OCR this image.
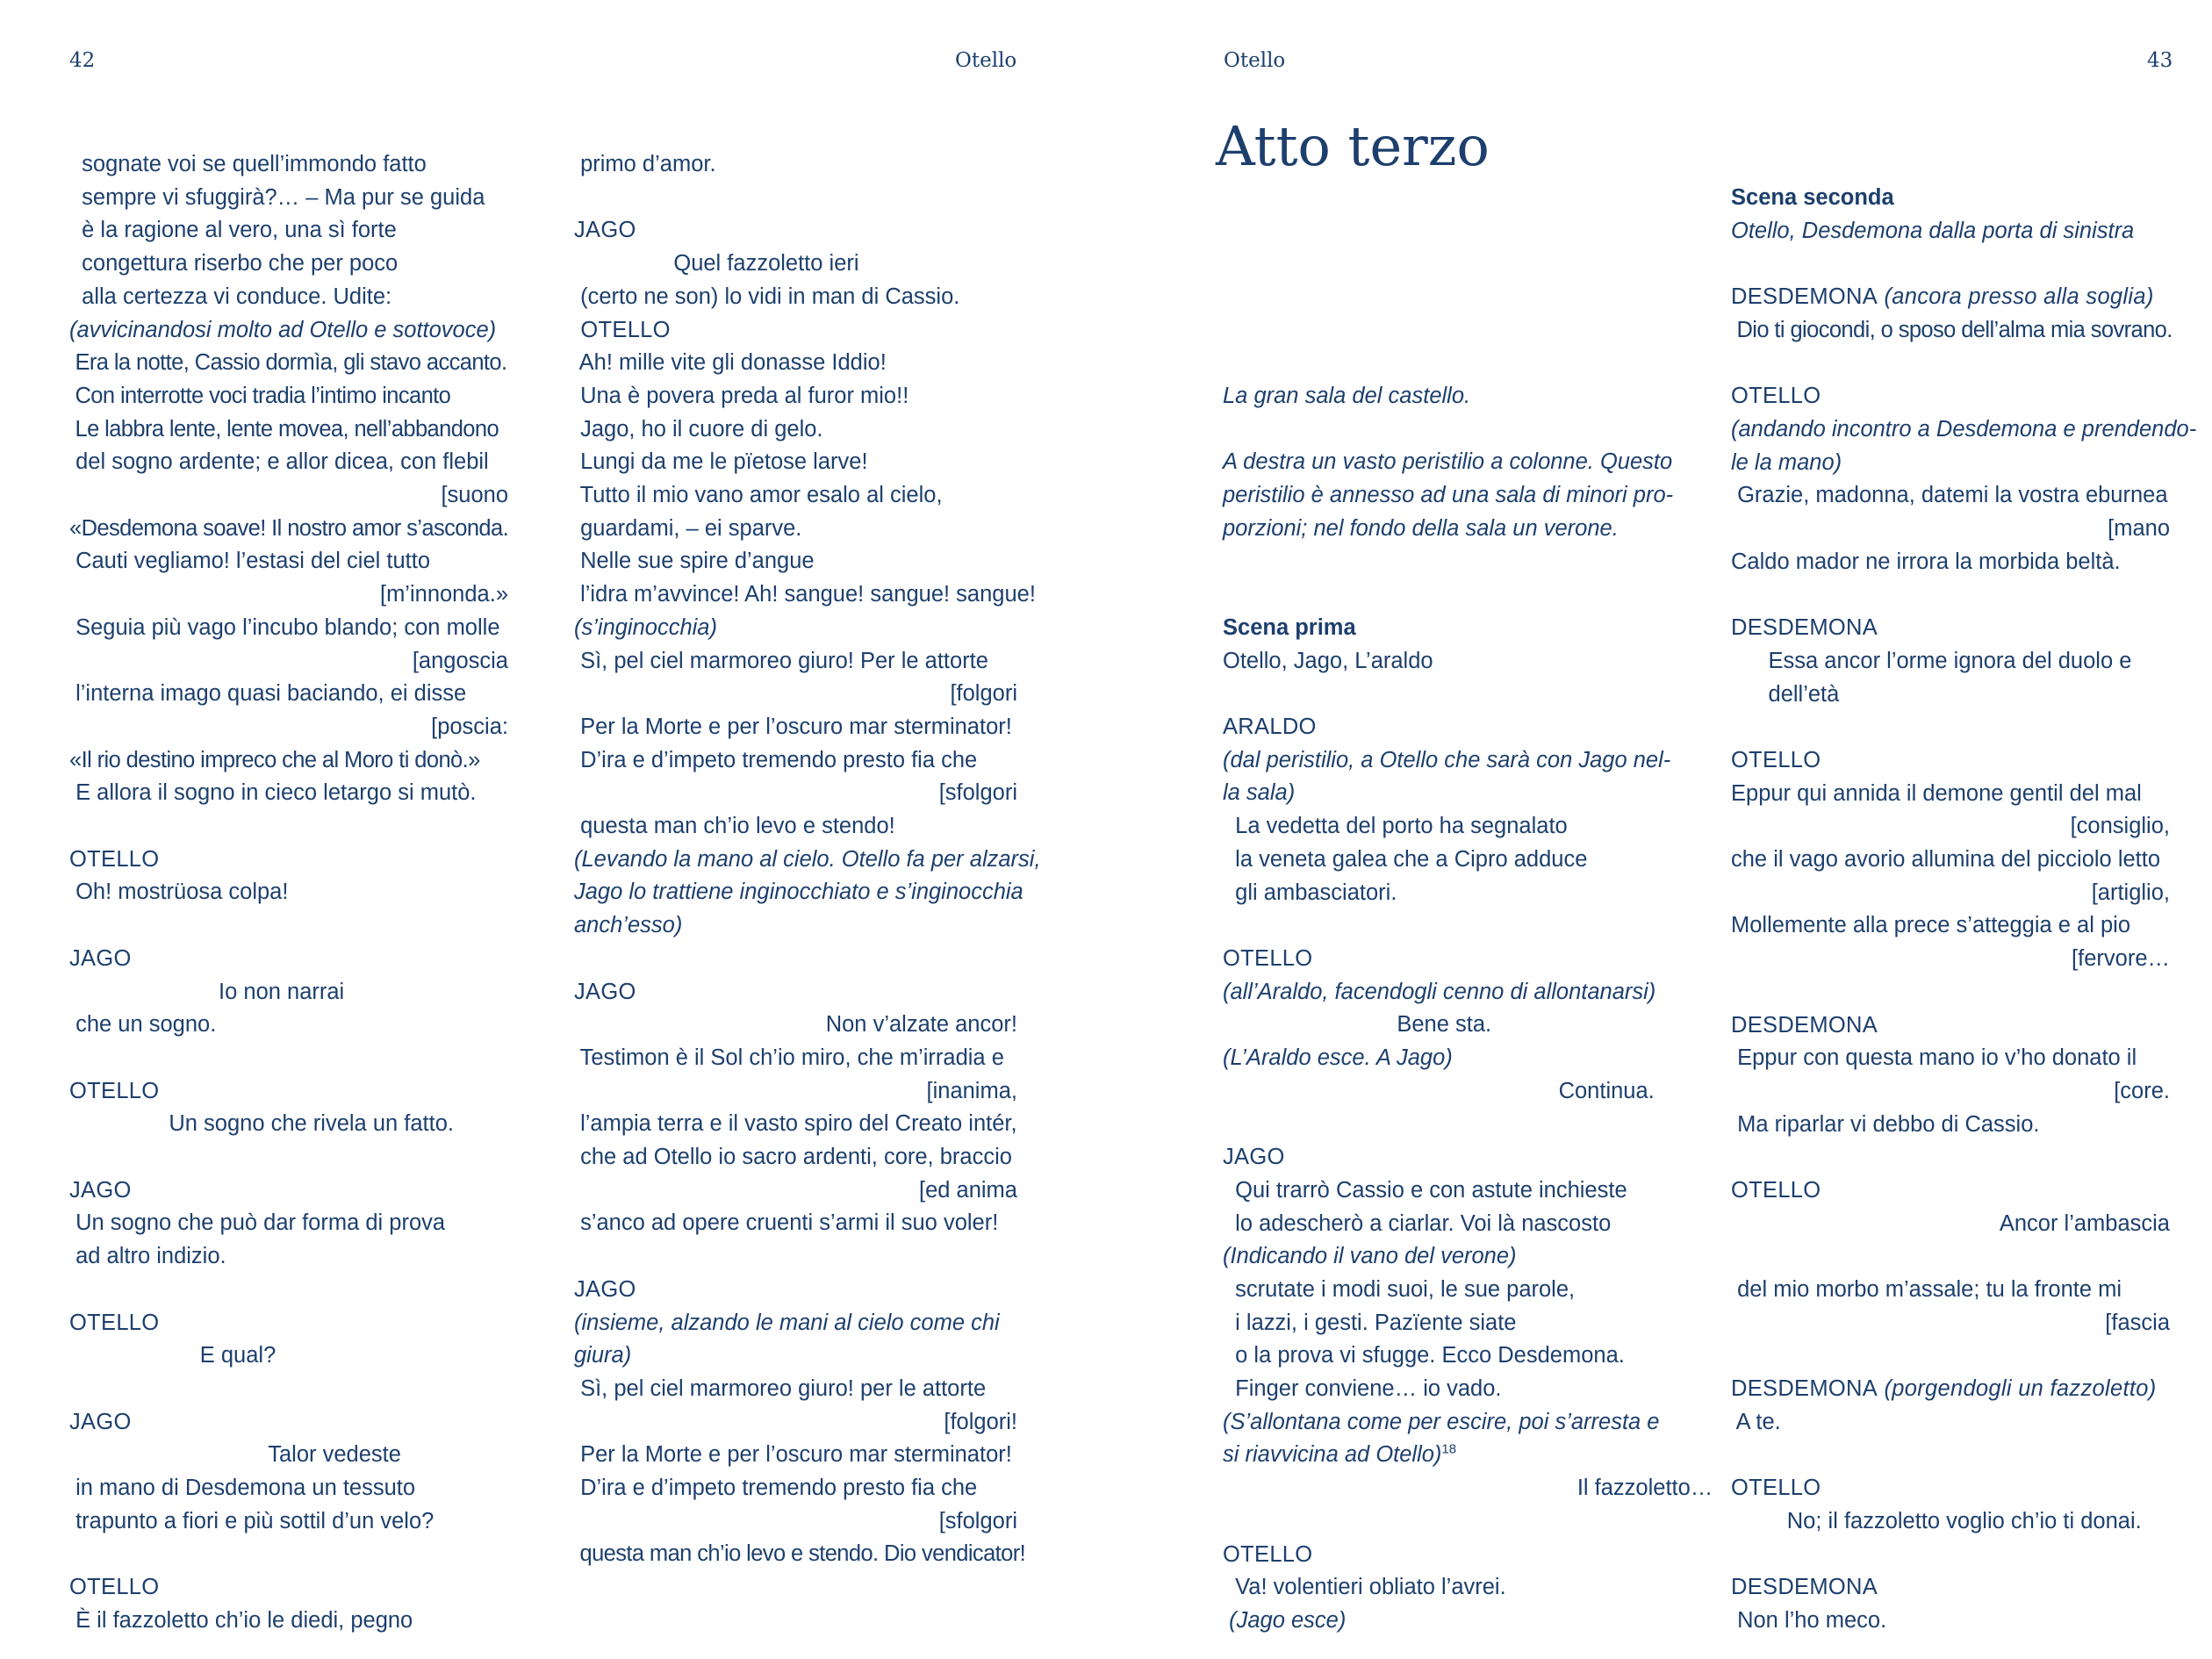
42	Otello
sognate voi se quell’immondo fatto
sempre vi sfuggirà?… – Ma pur se guida
è la ragione al vero, una sì forte
congettura riserbo che per poco
alla certezza vi conduce. Udite:
(avvicinandosi molto ad Otello e sottovoce)
Era la notte, Cassio dormìa, gli stavo accanto.
Con interrotte voci tradia l’intimo incanto
Le labbra lente, lente movea, nell’abbandono
del sogno ardente; e allor dicea, con flebil
[suono
«Desdemona soave! Il nostro amor s’asconda.
Cauti vegliamo! l’estasi del ciel tutto
[m’innonda.»
Seguia più vago l’incubo blando; con molle
[angoscia
l’interna imago quasi baciando, ei disse
[poscia:
«Il rio destino impreco che al Moro ti donò.»
E allora il sogno in cieco letargo si mutò.
OTELLO
Oh! mostrüosa colpa!
JAGO
Io non narrai
che un sogno.
OTELLO
Un sogno che rivela un fatto.
JAGO
Un sogno che può dar forma di prova
ad altro indizio.
OTELLO
E qual?
JAGO
Talor vedeste
in mano di Desdemona un tessuto
trapunto a fiori e più sottil d’un velo?
OTELLO
È il fazzoletto ch’io le diedi, pegno
primo d’amor.
JAGO
Quel fazzoletto ieri
(certo ne son) lo vidi in man di Cassio.
OTELLO
Ah! mille vite gli donasse Iddio!
Una è povera preda al furor mio!!
Jago, ho il cuore di gelo.
Lungi da me le pïetose larve!
Tutto il mio vano amor esalo al cielo,
guardami, – ei sparve.
Nelle sue spire d’angue
l’idra m’avvince! Ah! sangue! sangue! sangue!
(s’inginocchia)
Sì, pel ciel marmoreo giuro! Per le attorte
[folgori
Per la Morte e per l’oscuro mar sterminator!
D’ira e d’impeto tremendo presto fia che
[sfolgori
questa man ch’io levo e stendo!
(Levando la mano al cielo. Otello fa per alzarsi,
Jago lo trattiene inginocchiato e s’inginocchia
anch’esso)
JAGO
Non v’alzate ancor!
Testimon è il Sol ch’io miro, che m’irradia e
[inanima,
l’ampia terra e il vasto spiro del Creato intér,
che ad Otello io sacro ardenti, core, braccio
[ed anima
s’anco ad opere cruenti s’armi il suo voler!
JAGO
(insieme, alzando le mani al cielo come chi
giura)
Sì, pel ciel marmoreo giuro! per le attorte
[folgori!
Per la Morte e per l’oscuro mar sterminator!
D’ira e d’impeto tremendo presto fia che
[sfolgori
questa man ch’io levo e stendo. Dio vendicator!
Otello	43
Atto terzo
La gran sala del castello.
A destra un vasto peristilio a colonne. Questo
peristilio è annesso ad una sala di minori pro-
porzioni; nel fondo della sala un verone.
Scena prima
Otello, Jago, L’araldo
ARALDO
(dal peristilio, a Otello che sarà con Jago nel-
la sala)
La vedetta del porto ha segnalato
la veneta galea che a Cipro adduce
gli ambasciatori.
OTELLO
(all’Araldo, facendogli cenno di allontanarsi)
Bene sta.
(L’Araldo esce. A Jago)
Continua.
JAGO
Qui trarrò Cassio e con astute inchieste
lo adescherò a ciarlar. Voi là nascosto
(Indicando il vano del verone)
scrutate i modi suoi, le sue parole,
i lazzi, i gesti. Pazïente siate
o la prova vi sfugge. Ecco Desdemona.
Finger conviene… io vado.
(S’allontana come per escire, poi s’arresta e
si riavvicina ad Otello)$^{18}$
Il fazzoletto…
OTELLO
Va! volentieri obliato l’avrei.
(Jago esce)
Scena seconda
Otello, Desdemona dalla porta di sinistra
DESDEMONA (ancora presso alla soglia)
Dio ti giocondi, o sposo dell’alma mia sovrano.
OTELLO
(andando incontro a Desdemona e prendendo-
le la mano)
Grazie, madonna, datemi la vostra eburnea
[mano
Caldo mador ne irrora la morbida beltà.
DESDEMONA
Essa ancor l’orme ignora del duolo e
dell’età
OTELLO
Eppur qui annida il demone gentil del mal
[consiglio,
che il vago avorio allumina del picciolo letto
[artiglio,
Mollemente alla prece s’atteggia e al pio
[fervore…
DESDEMONA
Eppur con questa mano io v’ho donato il
[core.
Ma riparlar vi debbo di Cassio.
OTELLO
Ancor l’ambascia
del mio morbo m’assale; tu la fronte mi
[fascia
DESDEMONA (porgendogli un fazzoletto)
A te.
OTELLO
No; il fazzoletto voglio ch’io ti donai.
DESDEMONA
Non l’ho meco.
